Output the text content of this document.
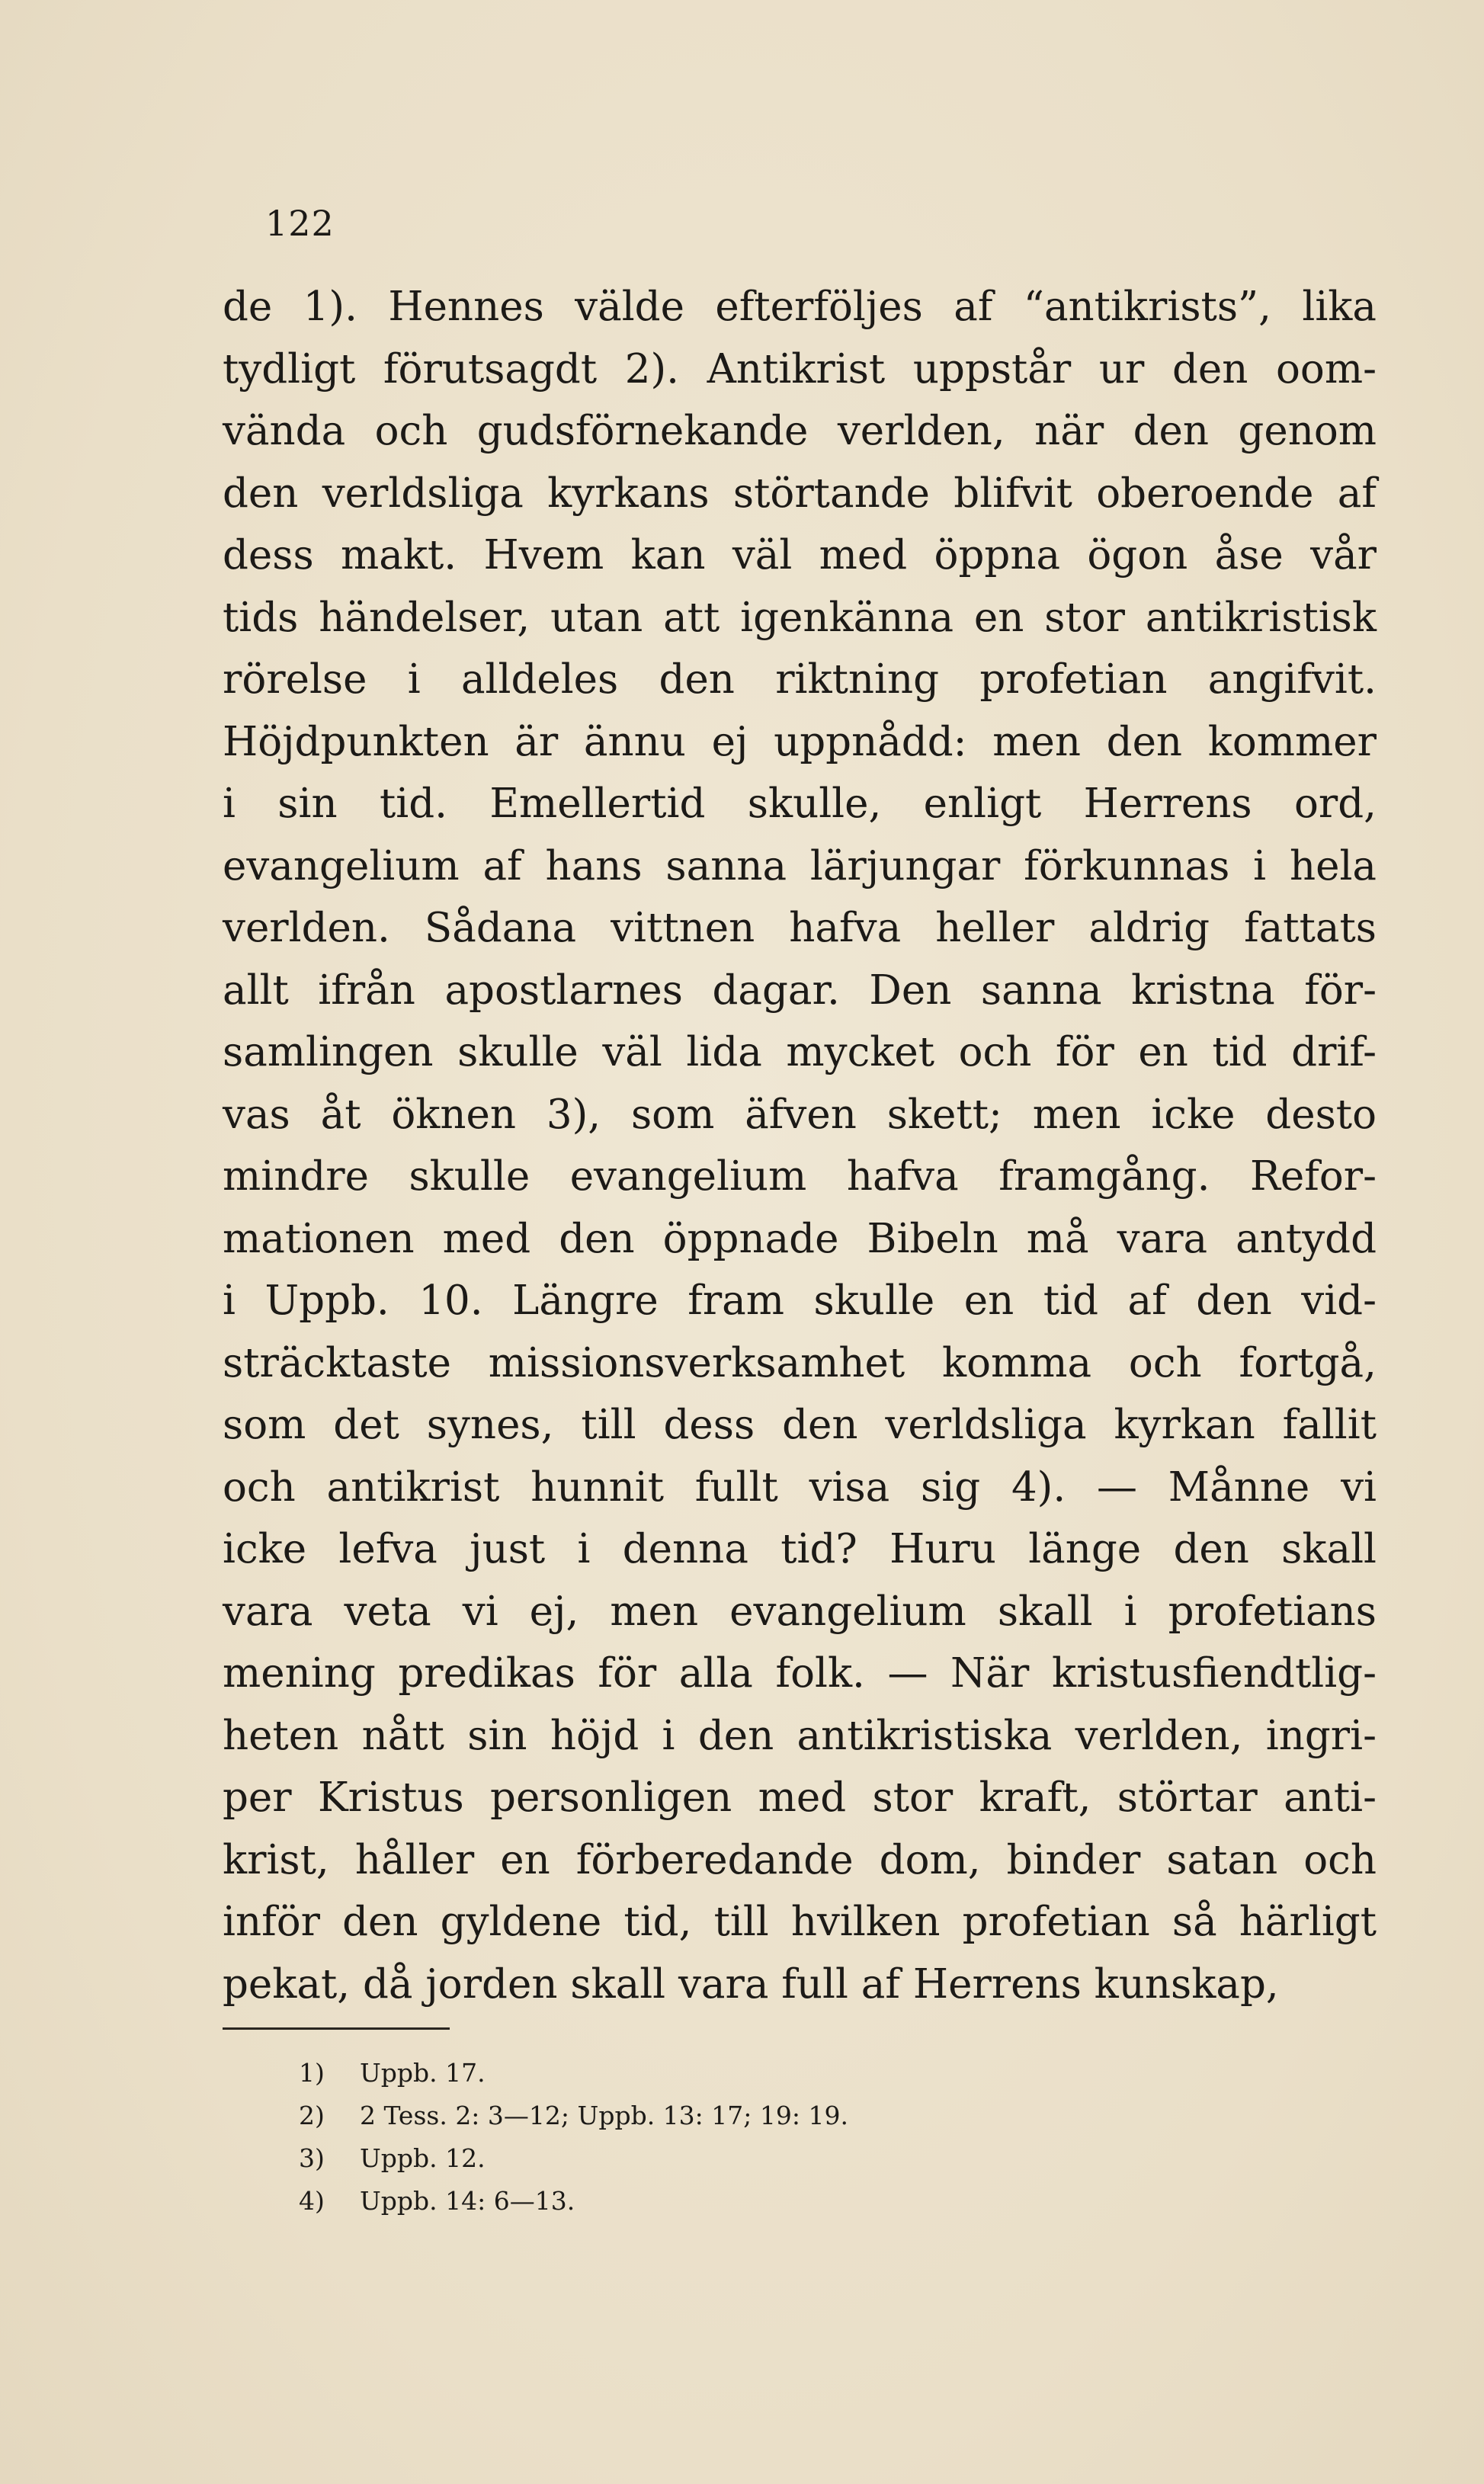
122
de 1). Hennes välde efterföljes af “antikrists”, lika
tydligt förutsagdt 2). Antikrist uppstår ur den oom-
vända och gudsförnekande verlden, när den genom
den verldsliga kyrkans störtande blifvit oberoende af
dess makt. Hvem kan väl med öppna ögon åse vår
tids händelser, utan att igenkänna en stor antikristisk
rörelse i alldeles den riktning profetian angifvit.
Höjdpunkten är ännu ej uppnådd: men den kommer
i sin tid. Emellertid skulle, enligt Herrens ord,
evangelium af hans sanna lärjungar förkunnas i hela
verlden. Sådana vittnen hafva heller aldrig fattats
allt ifrån apostlarnes dagar. Den sanna kristna för-
samlingen skulle väl lida mycket och för en tid drif-
vas åt öknen 3), som äfven skett; men icke desto
mindre skulle evangelium hafva framgång. Refor-
mationen med den öppnade Bibeln må vara antydd
i Uppb. 10. Längre fram skulle en tid af den vid-
sträcktaste missionsverksamhet komma och fortgå,
som det synes, till dess den verldsliga kyrkan fallit
och antikrist hunnit fullt visa sig 4). — Månne vi
icke lefva just i denna tid? Huru länge den skall
vara veta vi ej, men evangelium skall i profetians
mening predikas för alla folk. — När kristusfiendtlig-
heten nått sin höjd i den antikristiska verlden, ingri-
per Kristus personligen med stor kraft, störtar anti-
krist, håller en förberedande dom, binder satan och
inför den gyldene tid, till hvilken profetian så härligt
pekat, då jorden skall vara full af Herrens kunskap,
1) Uppb. 17.
2) 2 Tess. 2: 3—12; Uppb. 13: 17; 19: 19.
3) Uppb. 12.
4) Uppb. 14: 6—13.
